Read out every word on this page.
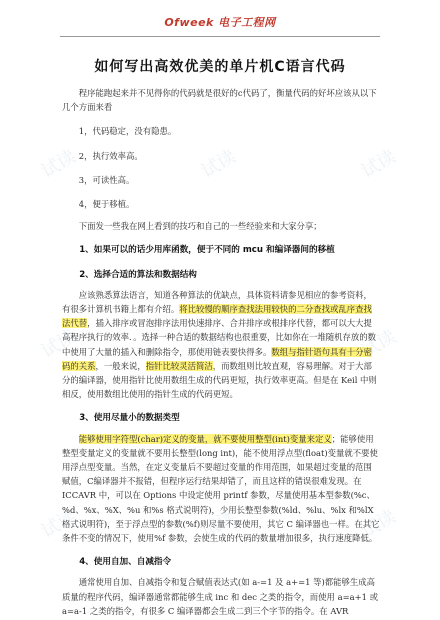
Ofweek 电子工程网
如何写出高效优美的单片机C语言代码

程序能跑起来并不见得你的代码就是很好的c代码了，衡量代码的好坏应该从以下几个方面来看

1，代码稳定，没有隐患。
2，执行效率高。
3，可读性高。
4，便于移植。

下面发一些我在网上看到的技巧和自己的一些经验来和大家分享；

1、如果可以的话少用库函数，便于不同的 mcu 和编译器间的移植
2、选择合适的算法和数据结构

应该熟悉算法语言，知道各种算法的优缺点，具体资料请参见相应的参考资料，有很多计算机书籍上都有介绍。将比较慢的顺序查找法用较快的二分查找或乱序查找法代替，插入排序或冒泡排序法用快速排序、合并排序或根排序代替，都可以大大提高程序执行的效率．。选择一种合适的数据结构也很重要，比如你在一堆随机存放的数中使用了大量的插入和删除指令，那使用链表要快得多。数组与指针语句具有十分密码的关系，一般来说，指针比较灵活简洁，而数组则比较直观，容易理解。对于大部分的编译器，使用指针比使用数组生成的代码更短，执行效率更高。但是在 Keil 中则相反，使用数组比使用的指针生成的代码更短。

3、使用尽量小的数据类型

能够使用字符型(char)定义的变量，就不要使用整型(int)变量来定义；能够使用整型变量定义的变量就不要用长整型(long int)，能不使用浮点型(float)变量就不要使用浮点型变量。当然，在定义变量后不要超过变量的作用范围，如果超过变量的范围赋值，C编译器并不报错，但程序运行结果却错了，而且这样的错误很难发现。在 ICCAVR 中，可以在 Options 中设定使用 printf 参数，尽量使用基本型参数(%c、%d、%x、%X、%u 和%s 格式说明符)，少用长整型参数(%ld、%lu、%lx 和%lX 格式说明符)，至于浮点型的参数(%f)则尽量不要使用，其它 C 编译器也一样。在其它条件不变的情况下，使用%f 参数，会使生成的代码的数量增加很多，执行速度降低。

4、使用自加、自减指令

通常使用自加、自减指令和复合赋值表达式(如 a-=1 及 a+=1 等)都能够生成高质量的程序代码，编译器通常都能够生成 inc 和 dec 之类的指令，而使用 a=a+1 或 a=a-1 之类的指令，有很多 C 编译器都会生成二到三个字节的指令。在 AVR

试读	试读	试读
试读	试读	试读
试读	试读	试读
